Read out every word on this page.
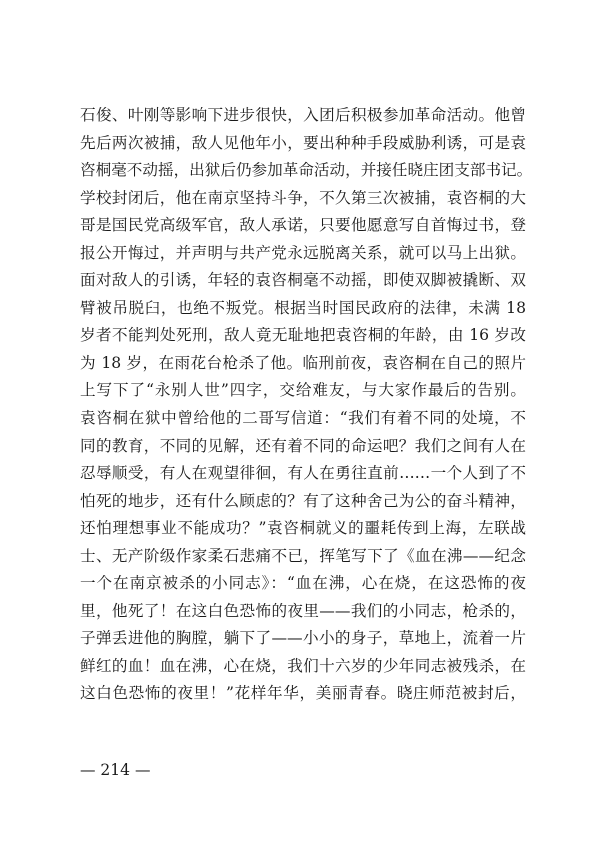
石俊、叶刚等影响下进步很快，入团后积极参加革命活动。他曾
先后两次被捕，敌人见他年小，要出种种手段威胁利诱，可是袁
咨桐毫不动摇，出狱后仍参加革命活动，并接任晓庄团支部书记。
学校封闭后，他在南京坚持斗争，不久第三次被捕，袁咨桐的大
哥是国民党高级军官，敌人承诺，只要他愿意写自首悔过书，登
报公开悔过，并声明与共产党永远脱离关系，就可以马上出狱。
面对敌人的引诱，年轻的袁咨桐毫不动摇，即使双脚被撬断、双
臂被吊脱臼，也绝不叛党。根据当时国民政府的法律，未满 18
岁者不能判处死刑，敌人竟无耻地把袁咨桐的年龄，由 16 岁改
为 18 岁，在雨花台枪杀了他。临刑前夜，袁咨桐在自己的照片
上写下了“永别人世”四字，交给难友，与大家作最后的告别。
袁咨桐在狱中曾给他的二哥写信道：“我们有着不同的处境，不
同的教育，不同的见解，还有着不同的命运吧？我们之间有人在
忍辱顺受，有人在观望徘徊，有人在勇往直前……一个人到了不
怕死的地步，还有什么顾虑的？有了这种舍己为公的奋斗精神，
还怕理想事业不能成功？”袁咨桐就义的噩耗传到上海，左联战
士、无产阶级作家柔石悲痛不已，挥笔写下了《血在沸——纪念
一个在南京被杀的小同志》：“血在沸，心在烧，在这恐怖的夜
里，他死了！在这白色恐怖的夜里——我们的小同志，枪杀的，
子弹丢进他的胸膛，躺下了——小小的身子，草地上，流着一片
鲜红的血！血在沸，心在烧，我们十六岁的少年同志被残杀，在
这白色恐怖的夜里！”花样年华，美丽青春。晓庄师范被封后，
— 214 —
